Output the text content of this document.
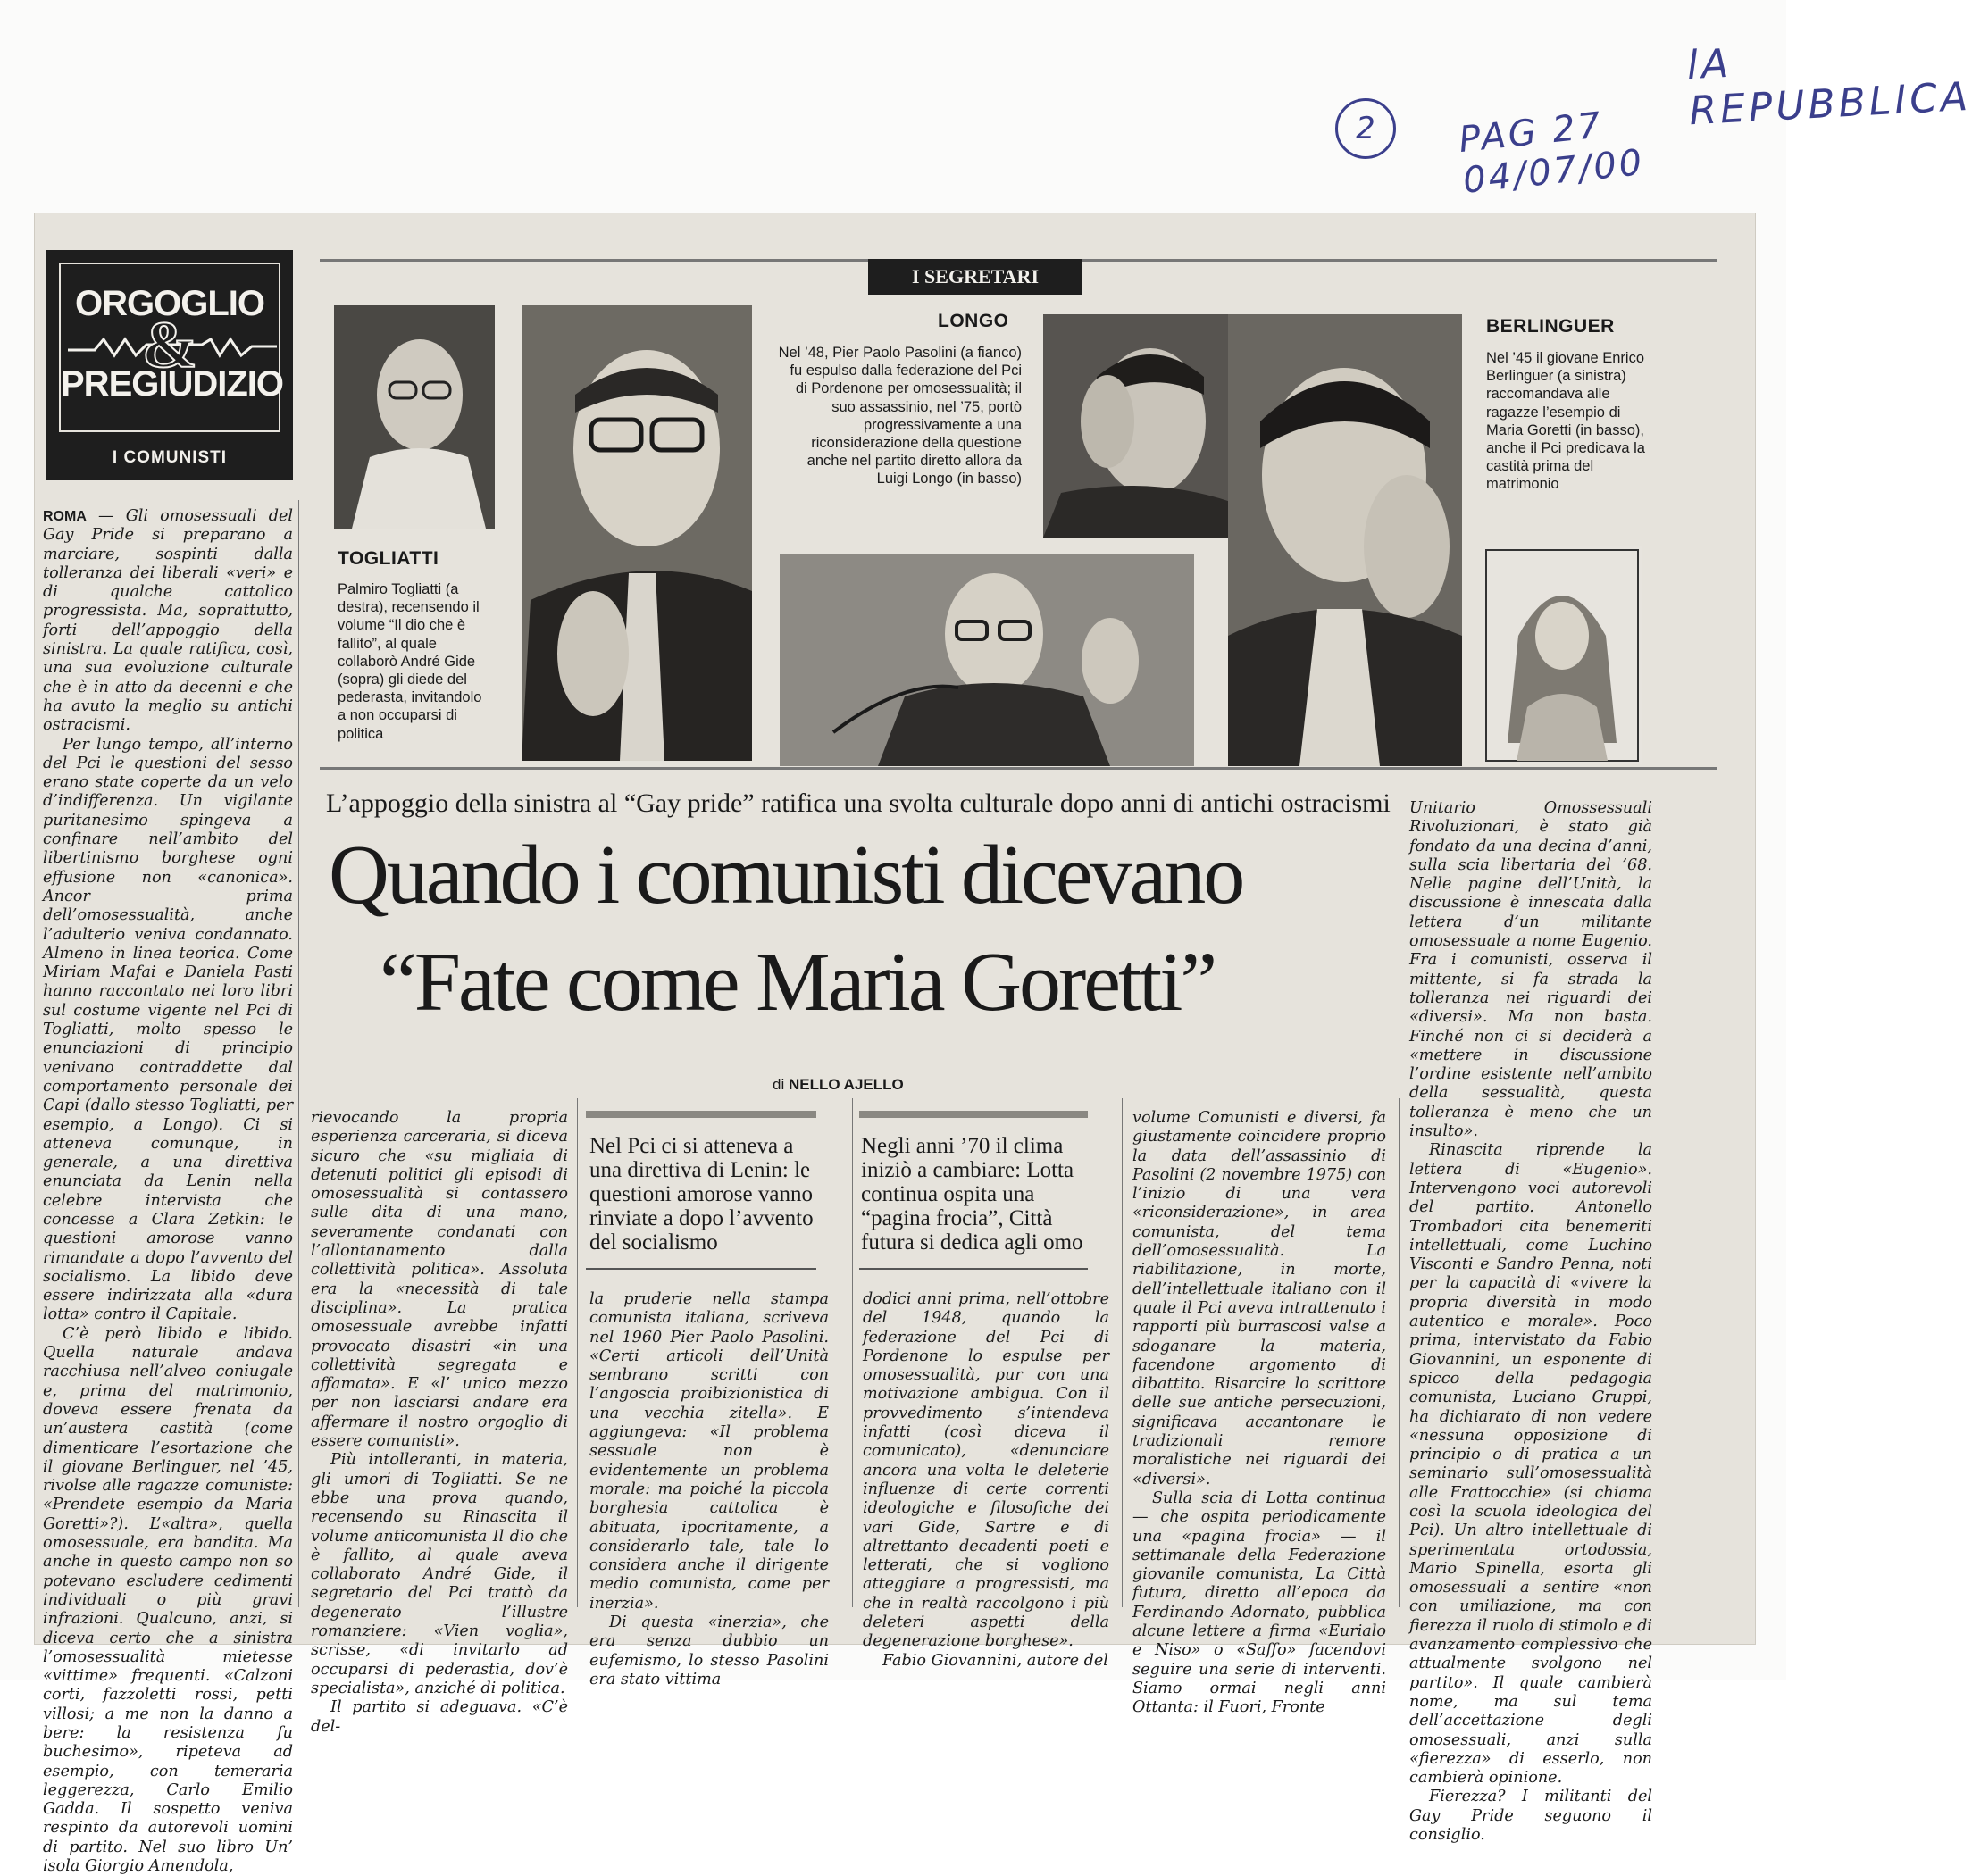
lA REPUBBLICA
PAG 27 04/07/00
2
ORGOGLIO
&
PREGIUDIZIO
I COMUNISTI
I SEGRETARI
TOGLIATTI
Palmiro Togliatti (a destra), recensendo il volume “Il dio che è fallito”, al quale collaborò André Gide (sopra) gli diede del pederasta, invitandolo a non occuparsi di politica
LONGO
Nel ’48, Pier Paolo Pasolini (a fianco) fu espulso dalla federazione del Pci di Pordenone per omosessualità; il suo assassinio, nel ’75, portò progressivamente a una riconsiderazione della questione anche nel partito diretto allora da Luigi Longo (in basso)
BERLINGUER
Nel ’45 il giovane Enrico Berlinguer (a sinistra) raccomandava alle ragazze l’esempio di Maria Goretti (in basso), anche il Pci predicava la castità prima del matrimonio
L’appoggio della sinistra al “Gay pride” ratifica una svolta culturale dopo anni di antichi ostracismi
Quando i comunisti dicevano
“Fate come Maria Goretti”
di NELLO AJELLO
Nel Pci ci si atteneva a una direttiva di Lenin: le questioni amorose vanno rinviate a dopo l’avvento del socialismo
Negli anni ’70 il clima iniziò a cambiare: Lotta continua ospita una “pagina frocia”, Città futura si dedica agli omo

ROMA — Gli omosessuali del Gay Pride si preparano a marciare, sospinti dalla tolleranza dei liberali «veri» e di qualche cattolico progressista. Ma, soprattutto, forti dell’appoggio della sinistra. La quale ratifica, così, una sua evoluzione culturale che è in atto da decenni e che ha avuto la meglio su antichi ostracismi.

Per lungo tempo, all’interno del Pci le questioni del sesso erano state coperte da un velo d’indifferenza. Un vigilante puritanesimo spingeva a confinare nell’ambito del libertinismo borghese ogni effusione non «canonica». Ancor prima dell’omosessualità, anche l’adulterio veniva condannato. Almeno in linea teorica. Come Miriam Mafai e Daniela Pasti hanno raccontato nei loro libri sul costume vigente nel Pci di Togliatti, molto spesso le enunciazioni di principio venivano contraddette dal comportamento personale dei Capi (dallo stesso Togliatti, per esempio, a Longo). Ci si atteneva comunque, in generale, a una direttiva enunciata da Lenin nella celebre intervista che concesse a Clara Zetkin: le questioni amorose vanno rimandate a dopo l’avvento del socialismo. La libido deve essere indirizzata alla «dura lotta» contro il Capitale.

C’è però libido e libido. Quella naturale andava racchiusa nell’alveo coniugale e, prima del matrimonio, doveva essere frenata da un’austera castità (come dimenticare l’esortazione che il giovane Berlinguer, nel ’45, rivolse alle ragazze comuniste: «Prendete esempio da Maria Goretti»?). L’«altra», quella omosessuale, era bandita. Ma anche in questo campo non so potevano escludere cedimenti individuali o più gravi infrazioni. Qualcuno, anzi, si diceva certo che a sinistra l’omosessualità mietesse «vittime» frequenti. «Calzoni corti, fazzoletti rossi, petti villosi; a me non la danno a bere: la resistenza fu buchesimo», ripeteva ad esempio, con temeraria leggerezza, Carlo Emilio Gadda. Il sospetto veniva respinto da autorevoli uomini di partito. Nel suo libro Un’ isola Giorgio Amendola,

rievocando la propria esperienza carceraria, si diceva sicuro che «su migliaia di detenuti politici gli episodi di omosessualità si contassero sulle dita di una mano, severamente condanati con l’allontanamento dalla collettività politica». Assoluta era la «necessità di tale disciplina». La pratica omosessuale avrebbe infatti provocato disastri «in una collettività segregata e affamata». E «l’ unico mezzo per non lasciarsi andare era affermare il nostro orgoglio di essere comunisti».

Più intolleranti, in materia, gli umori di Togliatti. Se ne ebbe una prova quando, recensendo su Rinascita il volume anticomunista Il dio che è fallito, al quale aveva collaborato André Gide, il segretario del Pci trattò da degenerato l’illustre romanziere: «Vien voglia», scrisse, «di invitarlo ad occuparsi di pederastia, dov’è specialista», anziché di politica.

Il partito si adeguava. «C’è del-

la pruderie nella stampa comunista italiana, scriveva nel 1960 Pier Paolo Pasolini. «Certi articoli dell’Unità sembrano scritti con l’angoscia proibizionistica di una vecchia zitella». E aggiungeva: «Il problema sessuale non è evidentemente un problema morale: ma poiché la piccola borghesia cattolica è abituata, ipocritamente, a considerarlo tale, tale lo considera anche il dirigente medio comunista, come per inerzia».

Di questa «inerzia», che era senza dubbio un eufemismo, lo stesso Pasolini era stato vittima

dodici anni prima, nell’ottobre del 1948, quando la federazione del Pci di Pordenone lo espulse per omosessualità, pur con una motivazione ambigua. Con il provvedimento s’intendeva infatti (così diceva il comunicato), «denunciare ancora una volta le deleterie influenze di certe correnti ideologiche e filosofiche dei vari Gide, Sartre e di altrettanto decadenti poeti e letterati, che si vogliono atteggiare a progressisti, ma che in realtà raccolgono i più deleteri aspetti della degenerazione borghese».

Fabio Giovannini, autore del

volume Comunisti e diversi, fa giustamente coincidere proprio la data dell’assassinio di Pasolini (2 novembre 1975) con l’inizio di una vera «riconsiderazione», in area comunista, del tema dell’omosessualità. La riabilitazione, in morte, dell’intellettuale italiano con il quale il Pci aveva intrattenuto i rapporti più burrascosi valse a sdoganare la materia, facendone argomento di dibattito. Risarcire lo scrittore delle sue antiche persecuzioni, significava accantonare le tradizionali remore moralistiche nei riguardi dei «diversi».

Sulla scia di Lotta continua — che ospita periodicamente una «pagina frocia» — il settimanale della Federazione giovanile comunista, La Città futura, diretto all’epoca da Ferdinando Adornato, pubblica alcune lettere a firma «Eurialo e Niso» o «Saffo» facendovi seguire una serie di interventi. Siamo ormai negli anni Ottanta: il Fuori, Fronte

Unitario Omossessuali Rivoluzionari, è stato già fondato da una decina d’anni, sulla scia libertaria del ’68. Nelle pagine dell’Unità, la discussione è innescata dalla lettera d’un militante omosessuale a nome Eugenio. Fra i comunisti, osserva il mittente, si fa strada la tolleranza nei riguardi dei «diversi». Ma non basta. Finché non ci si deciderà a «mettere in discussione l’ordine esistente nell’ambito della sessualità, questa tolleranza è meno che un insulto».

Rinascita riprende la lettera di «Eugenio». Intervengono voci autorevoli del partito. Antonello Trombadori cita benemeriti intellettuali, come Luchino Visconti e Sandro Penna, noti per la capacità di «vivere la propria diversità in modo autentico e morale». Poco prima, intervistato da Fabio Giovannini, un esponente di spicco della pedagogia comunista, Luciano Gruppi, ha dichiarato di non vedere «nessuna opposizione di principio o di pratica a un seminario sull’omosessualità alle Frattocchie» (si chiama così la scuola ideologica del Pci). Un altro intellettuale di sperimentata ortodossia, Mario Spinella, esorta gli omosessuali a sentire «non con umiliazione, ma con fierezza il ruolo di stimolo e di avanzamento complessivo che attualmente svolgono nel partito». Il quale cambierà nome, ma sul tema dell’accettazione degli omosessuali, anzi sulla «fierezza» di esserlo, non cambierà opinione.

Fierezza? I militanti del Gay Pride seguono il consiglio.
